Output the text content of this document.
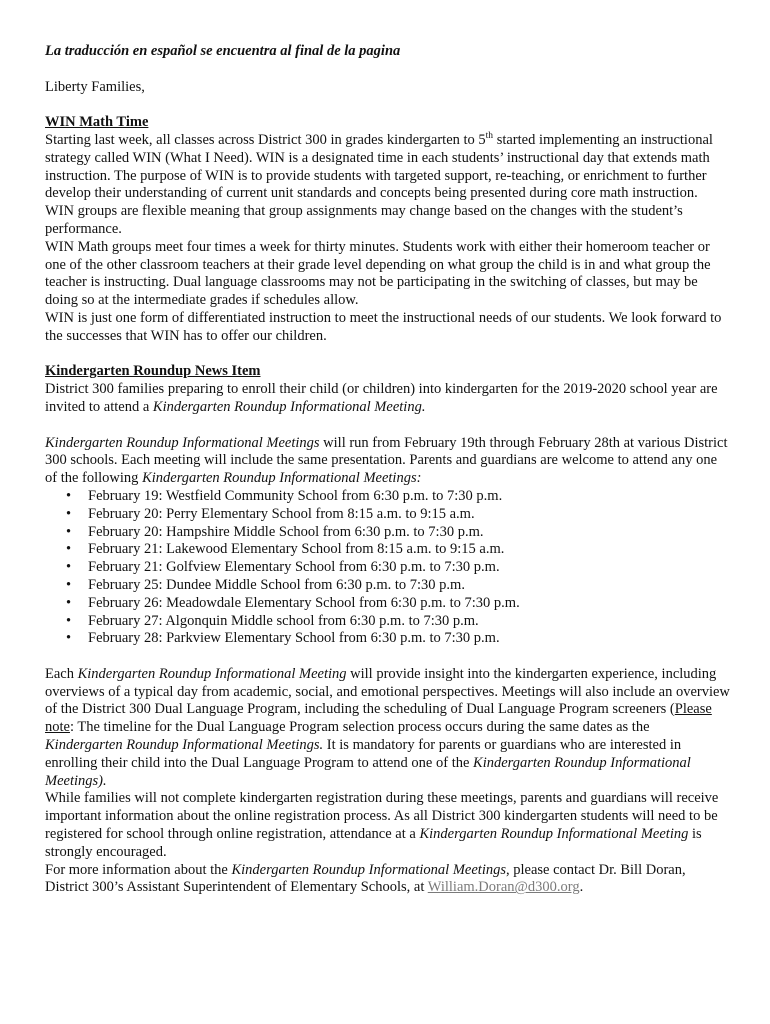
La traducción en español se encuentra al final de la pagina

Liberty Families,

WIN Math Time

Starting last week, all classes across District 300 in grades kindergarten to 5th started implementing an instructional strategy called WIN (What I Need). WIN is a designated time in each students’ instructional day that extends math instruction. The purpose of WIN is to provide students with targeted support, re-teaching, or enrichment to further develop their understanding of current unit standards and concepts being presented during core math instruction. WIN groups are flexible meaning that group assignments may change based on the changes with the student’s performance.

WIN Math groups meet four times a week for thirty minutes. Students work with either their homeroom teacher or one of the other classroom teachers at their grade level depending on what group the child is in and what group the teacher is instructing. Dual language classrooms may not be participating in the switching of classes, but may be doing so at the intermediate grades if schedules allow.

WIN is just one form of differentiated instruction to meet the instructional needs of our students. We look forward to the successes that WIN has to offer our children.

Kindergarten Roundup News Item

District 300 families preparing to enroll their child (or children) into kindergarten for the 2019-2020 school year are invited to attend a Kindergarten Roundup Informational Meeting.

Kindergarten Roundup Informational Meetings will run from February 19th through February 28th at various District 300 schools. Each meeting will include the same presentation. Parents and guardians are welcome to attend any one of the following Kindergarten Roundup Informational Meetings:

• February 19: Westfield Community School from 6:30 p.m. to 7:30 p.m.
• February 20: Perry Elementary School from 8:15 a.m. to 9:15 a.m.
• February 20: Hampshire Middle School from 6:30 p.m. to 7:30 p.m.
• February 21: Lakewood Elementary School from 8:15 a.m. to 9:15 a.m.
• February 21: Golfview Elementary School from 6:30 p.m. to 7:30 p.m.
• February 25: Dundee Middle School from 6:30 p.m. to 7:30 p.m.
• February 26: Meadowdale Elementary School from 6:30 p.m. to 7:30 p.m.
• February 27: Algonquin Middle school from 6:30 p.m. to 7:30 p.m.
• February 28: Parkview Elementary School from 6:30 p.m. to 7:30 p.m.

Each Kindergarten Roundup Informational Meeting will provide insight into the kindergarten experience, including overviews of a typical day from academic, social, and emotional perspectives. Meetings will also include an overview of the District 300 Dual Language Program, including the scheduling of Dual Language Program screeners (Please note: The timeline for the Dual Language Program selection process occurs during the same dates as the Kindergarten Roundup Informational Meetings. It is mandatory for parents or guardians who are interested in enrolling their child into the Dual Language Program to attend one of the Kindergarten Roundup Informational Meetings).

While families will not complete kindergarten registration during these meetings, parents and guardians will receive important information about the online registration process. As all District 300 kindergarten students will need to be registered for school through online registration, attendance at a Kindergarten Roundup Informational Meeting is strongly encouraged.

For more information about the Kindergarten Roundup Informational Meetings, please contact Dr. Bill Doran, District 300’s Assistant Superintendent of Elementary Schools, at William.Doran@d300.org.
